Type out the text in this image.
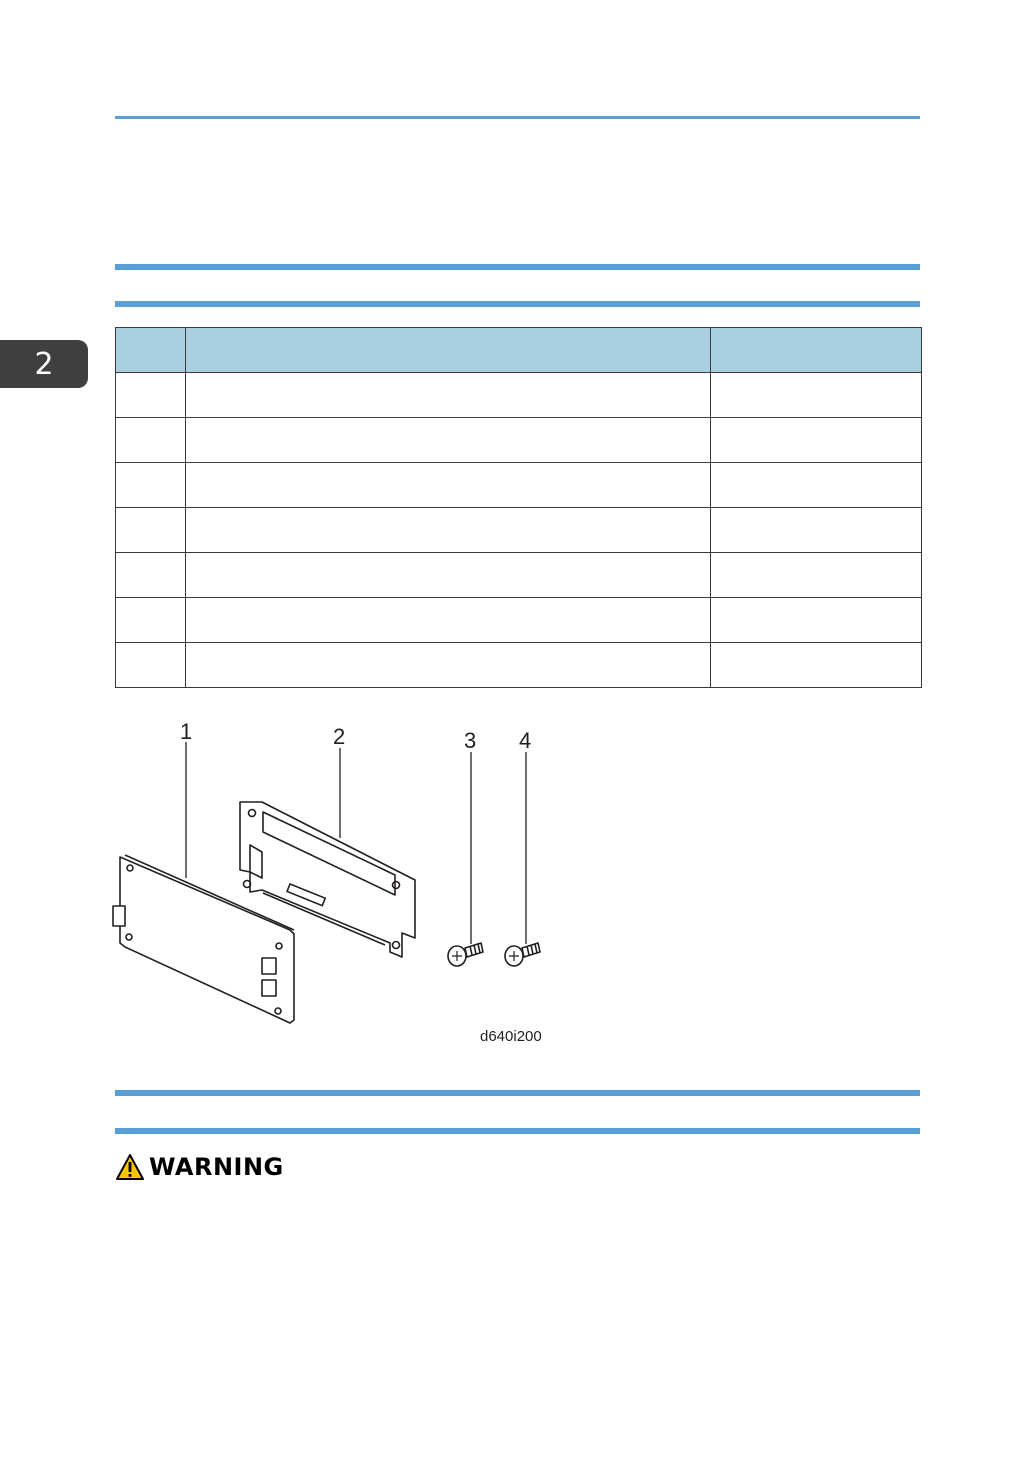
2

1	2	3 4
d640i200
WARNING
